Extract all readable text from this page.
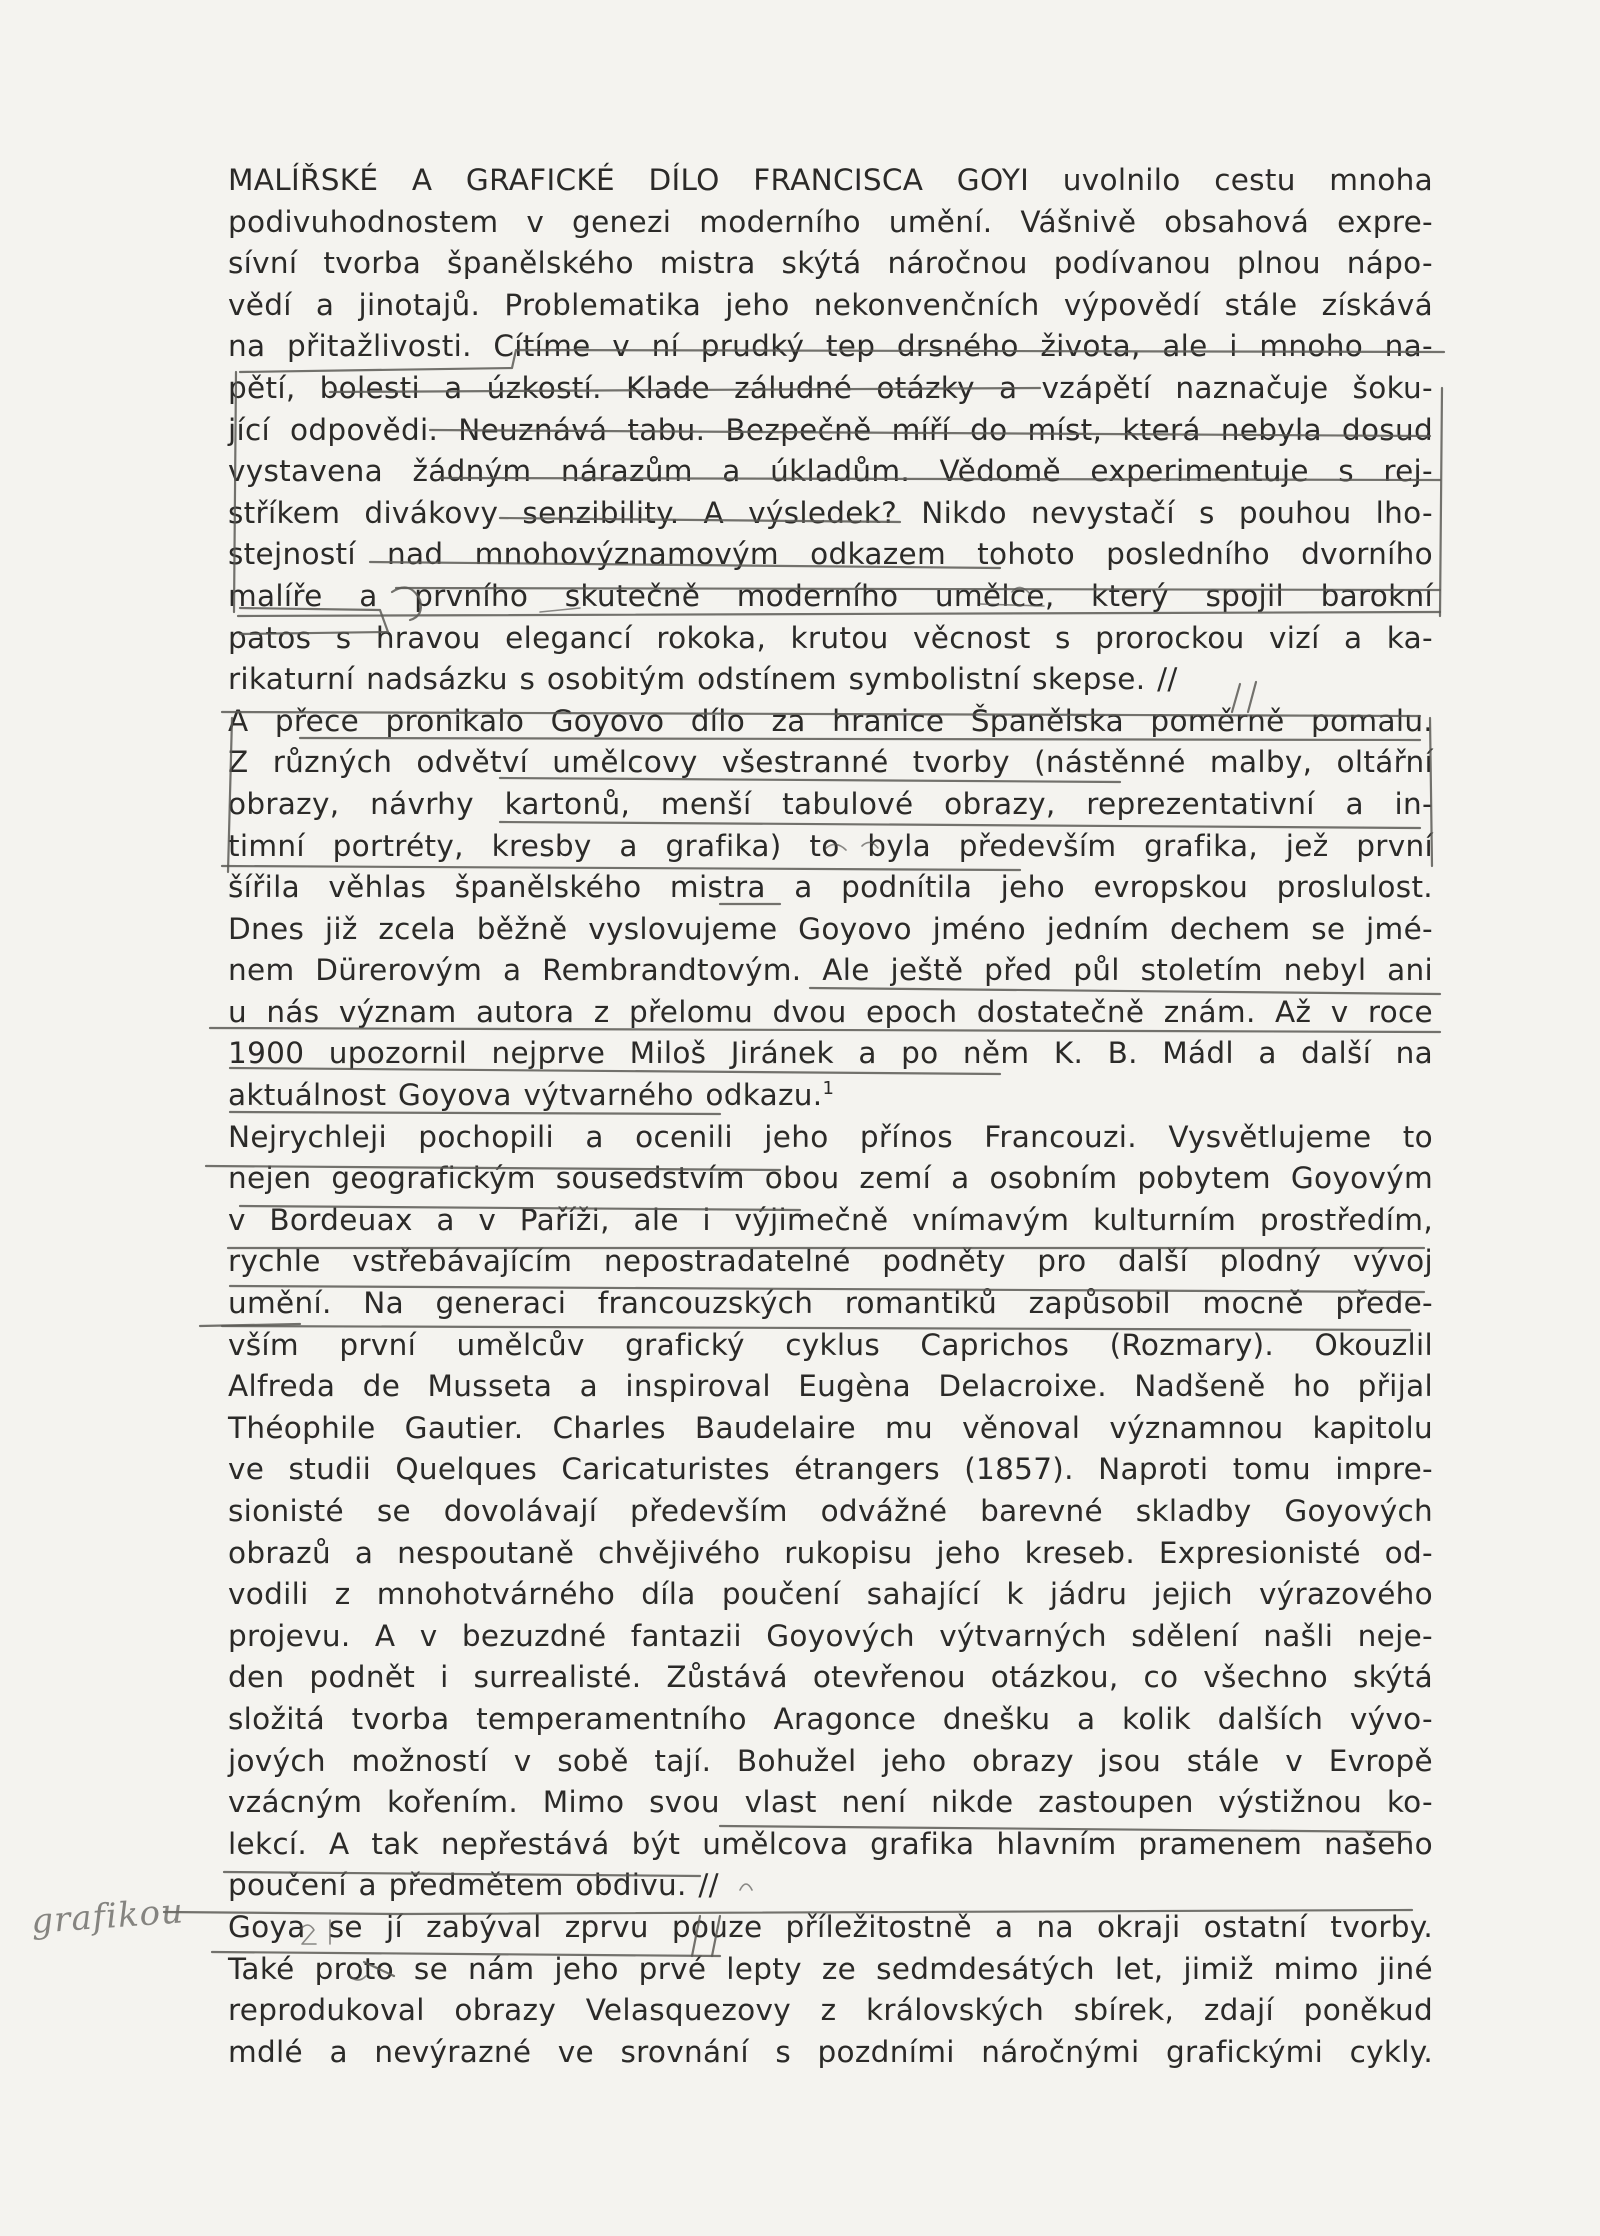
MALÍŘSKÉ A GRAFICKÉ DÍLO FRANCISCA GOYI uvolnilo cestu mnoha
podivuhodnostem v genezi moderního umění. Vášnivě obsahová expre-
sívní tvorba španělského mistra skýtá náročnou podívanou plnou nápo-
vědí a jinotajů. Problematika jeho nekonvenčních výpovědí stále získává
na přitažlivosti. Cítíme v ní prudký tep drsného života, ale i mnoho na-
pětí, bolesti a úzkostí. Klade záludné otázky a vzápětí naznačuje šoku-
jící odpovědi. Neuznává tabu. Bezpečně míří do míst, která nebyla dosud
vystavena žádným nárazům a úkladům. Vědomě experimentuje s rej-
stříkem divákovy senzibility. A výsledek? Nikdo nevystačí s pouhou lho-
stejností nad mnohovýznamovým odkazem tohoto posledního dvorního
malíře a prvního skutečně moderního umělce, který spojil barokní
patos s hravou elegancí rokoka, krutou věcnost s prorockou vizí a ka-
rikaturní nadsázku s osobitým odstínem symbolistní skepse. //
A přece pronikalo Goyovo dílo za hranice Španělska poměrně pomalu.
Z různých odvětví umělcovy všestranné tvorby (nástěnné malby, oltářní
obrazy, návrhy kartonů, menší tabulové obrazy, reprezentativní a in-
timní portréty, kresby a grafika) to byla především grafika, jež první
šířila věhlas španělského mistra a podnítila jeho evropskou proslulost.
Dnes již zcela běžně vyslovujeme Goyovo jméno jedním dechem se jmé-
nem Dürerovým a Rembrandtovým. Ale ještě před půl stoletím nebyl ani
u nás význam autora z přelomu dvou epoch dostatečně znám. Až v roce
1900 upozornil nejprve Miloš Jiránek a po něm K. B. Mádl a další na
aktuálnost Goyova výtvarného odkazu.$^1$
Nejrychleji pochopili a ocenili jeho přínos Francouzi. Vysvětlujeme to
nejen geografickým sousedstvím obou zemí a osobním pobytem Goyovým
v Bordeuax a v Paříži, ale i výjimečně vnímavým kulturním prostředím,
rychle vstřebávajícím nepostradatelné podněty pro další plodný vývoj
umění. Na generaci francouzských romantiků zapůsobil mocně přede-
vším první umělcův grafický cyklus Caprichos (Rozmary). Okouzlil
Alfreda de Musseta a inspiroval Eugèna Delacroixe. Nadšeně ho přijal
Théophile Gautier. Charles Baudelaire mu věnoval významnou kapitolu
ve studii Quelques Caricaturistes étrangers (1857). Naproti tomu impre-
sionisté se dovolávají především odvážné barevné skladby Goyových
obrazů a nespoutaně chvějivého rukopisu jeho kreseb. Expresionisté od-
vodili z mnohotvárného díla poučení sahající k jádru jejich výrazového
projevu. A v bezuzdné fantazii Goyových výtvarných sdělení našli neje-
den podnět i surrealisté. Zůstává otevřenou otázkou, co všechno skýtá
složitá tvorba temperamentního Aragonce dnešku a kolik dalších vývo-
jových možností v sobě tají. Bohužel jeho obrazy jsou stále v Evropě
vzácným kořením. Mimo svou vlast není nikde zastoupen výstižnou ko-
lekcí. A tak nepřestává být umělcova grafika hlavním pramenem našeho
poučení a předmětem obdivu. //
Goya se jí zabýval zprvu pouze příležitostně a na okraji ostatní tvorby.
Také proto se nám jeho prvé lepty ze sedmdesátých let, jimiž mimo jiné
reprodukoval obrazy Velasquezovy z královských sbírek, zdají poněkud
mdlé a nevýrazné ve srovnání s pozdními náročnými grafickými cykly.
grafikou
